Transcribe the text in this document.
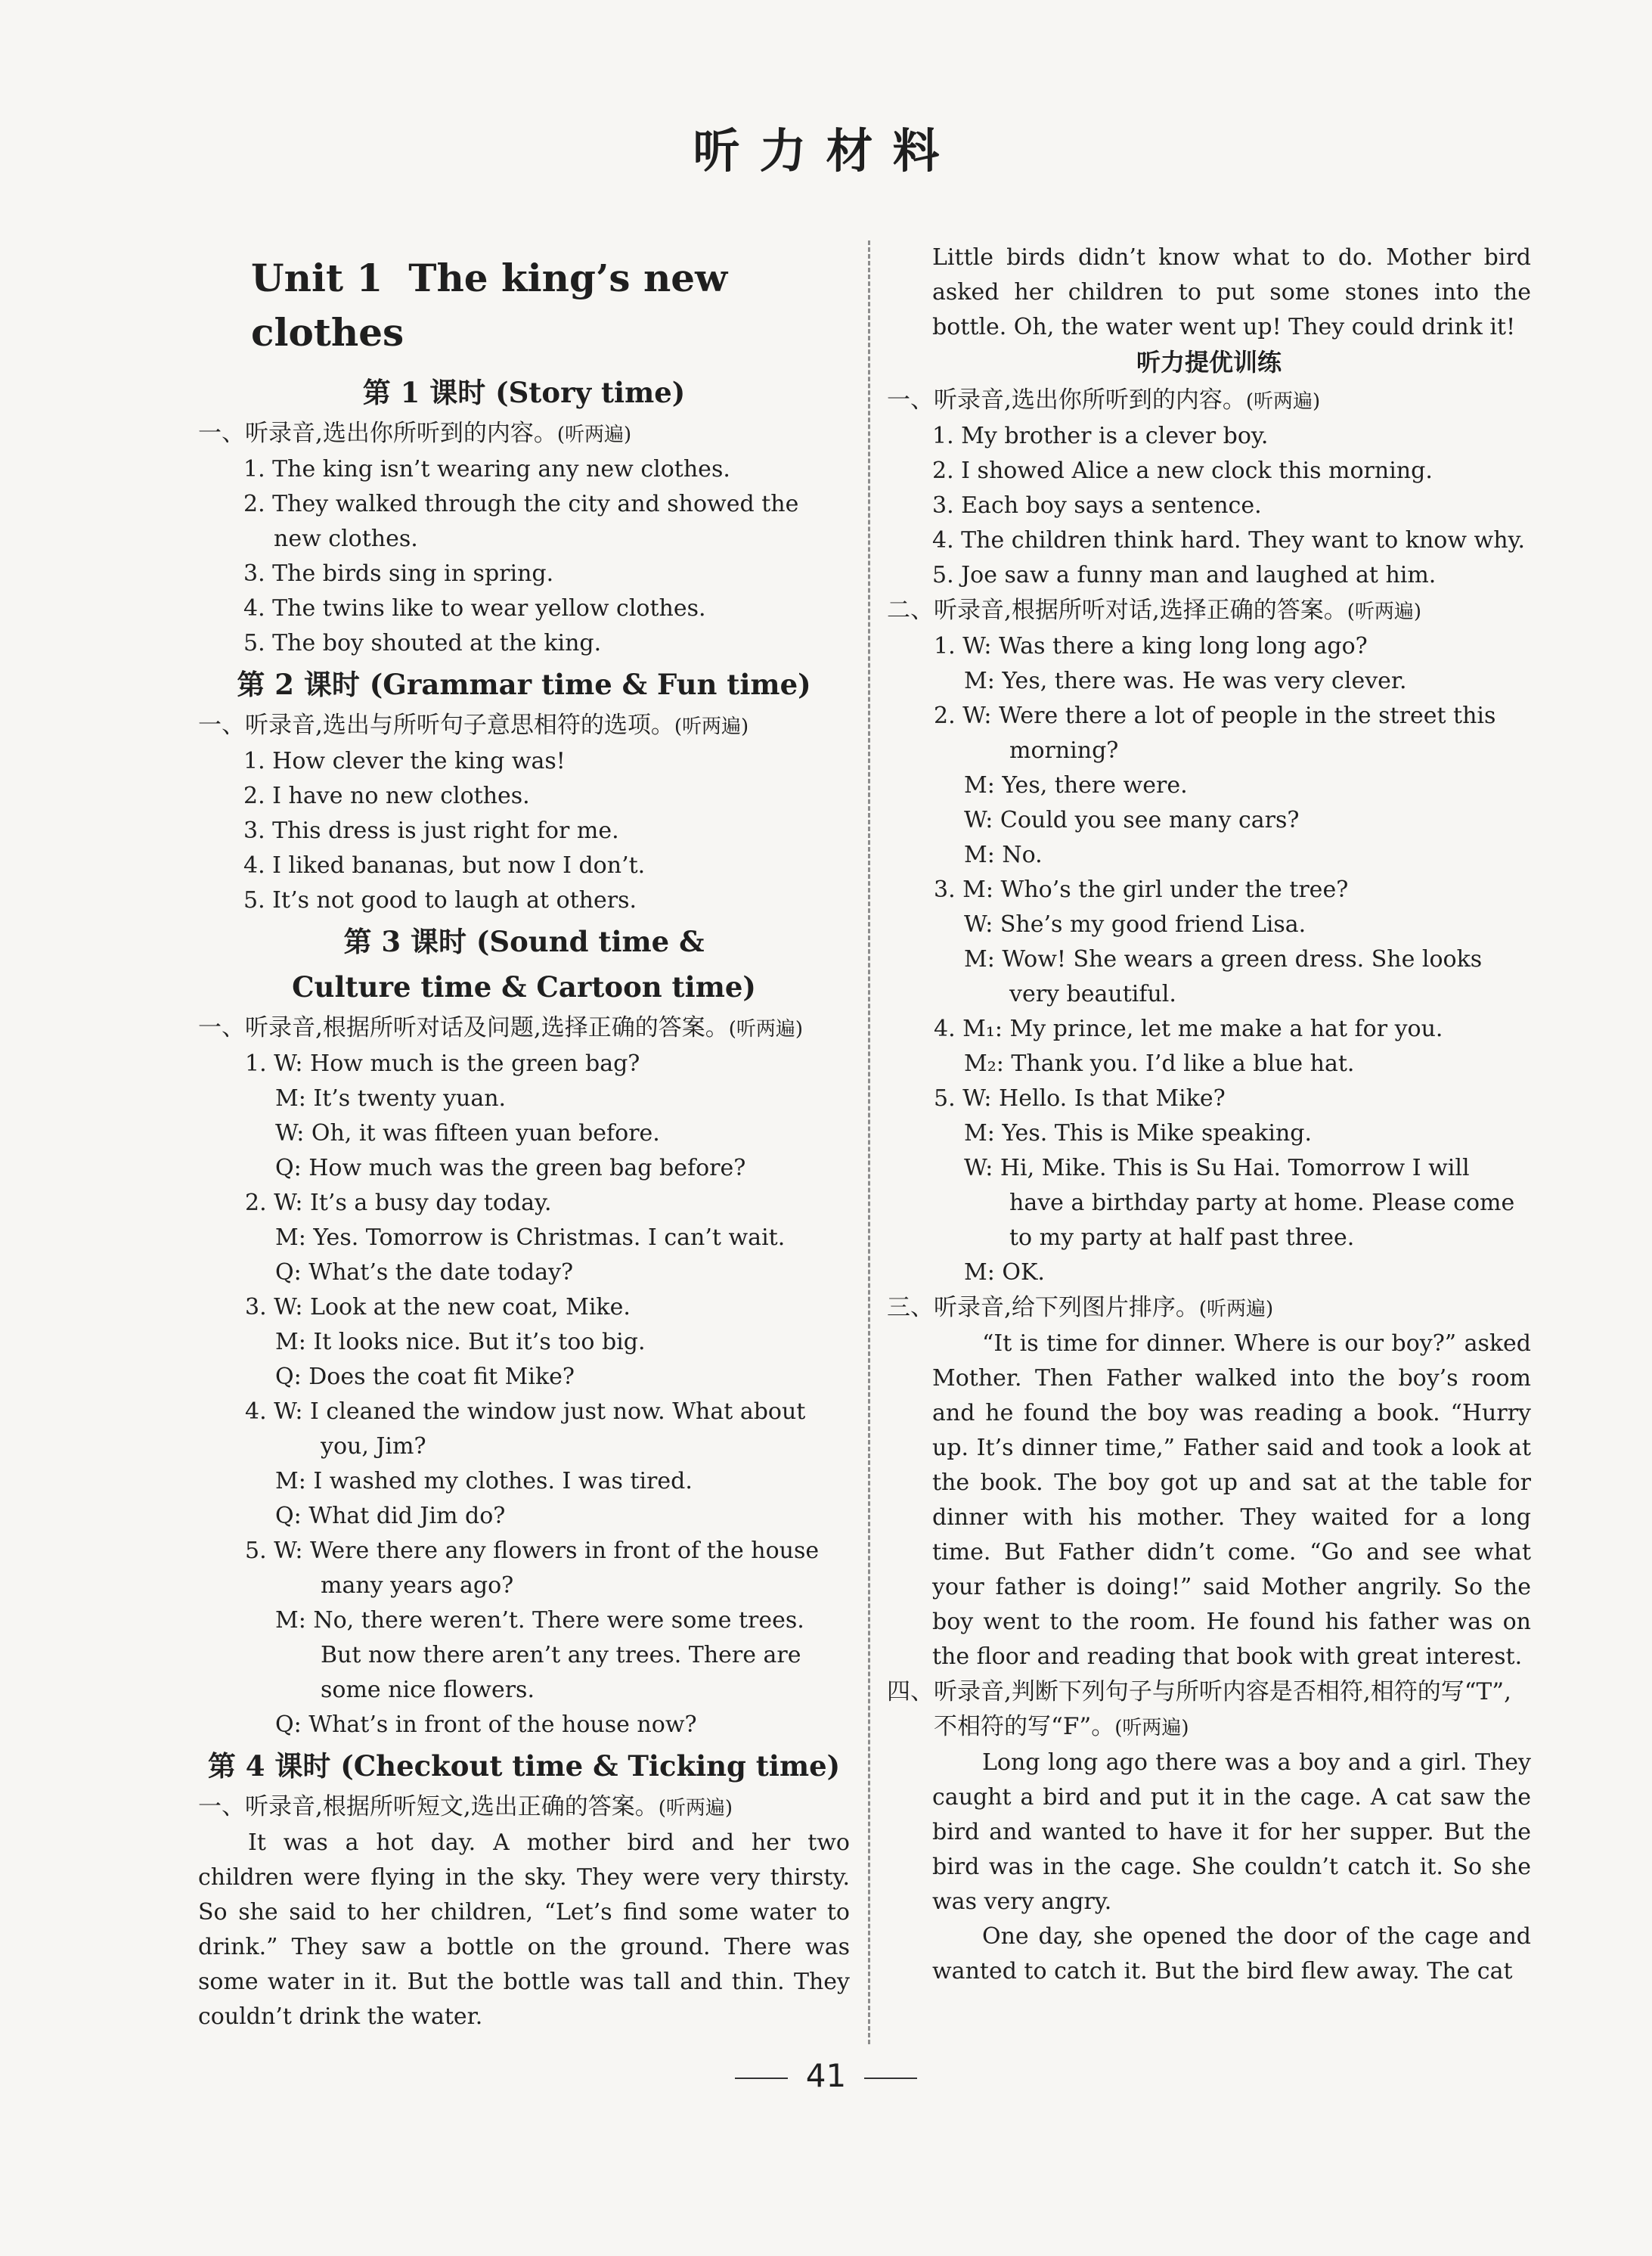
听力材料
Unit 1 The king’s new clothes
第 1 课时 (Story time)
一、听录音,选出你所听到的内容。(听两遍)
1. The king isn’t wearing any new clothes.
2. They walked through the city and showed the new clothes.
3. The birds sing in spring.
4. The twins like to wear yellow clothes.
5. The boy shouted at the king.
第 2 课时 (Grammar time & Fun time)
一、听录音,选出与所听句子意思相符的选项。(听两遍)
1. How clever the king was!
2. I have no new clothes.
3. This dress is just right for me.
4. I liked bananas, but now I don’t.
5. It’s not good to laugh at others.
第 3 课时 (Sound time &
Culture time & Cartoon time)
一、听录音,根据所听对话及问题,选择正确的答案。(听两遍)
1. W: How much is the green bag?
M: It’s twenty yuan.
W: Oh, it was fifteen yuan before.
Q: How much was the green bag before?
2. W: It’s a busy day today.
M: Yes. Tomorrow is Christmas. I can’t wait.
Q: What’s the date today?
3. W: Look at the new coat, Mike.
M: It looks nice. But it’s too big.
Q: Does the coat fit Mike?
4. W: I cleaned the window just now. What about you, Jim?
M: I washed my clothes. I was tired.
Q: What did Jim do?
5. W: Were there any flowers in front of the house many years ago?
M: No, there weren’t. There were some trees. But now there aren’t any trees. There are some nice flowers.
Q: What’s in front of the house now?
第 4 课时 (Checkout time & Ticking time)
一、听录音,根据所听短文,选出正确的答案。(听两遍)
It was a hot day. A mother bird and her two children were flying in the sky. They were very thirsty. So she said to her children, “Let’s find some water to drink.” They saw a bottle on the ground. There was some water in it. But the bottle was tall and thin. They couldn’t drink the water.
Little birds didn’t know what to do. Mother bird asked her children to put some stones into the bottle. Oh, the water went up! They could drink it!
听力提优训练
一、听录音,选出你所听到的内容。(听两遍)
1. My brother is a clever boy.
2. I showed Alice a new clock this morning.
3. Each boy says a sentence.
4. The children think hard. They want to know why.
5. Joe saw a funny man and laughed at him.
二、听录音,根据所听对话,选择正确的答案。(听两遍)
1. W: Was there a king long long ago?
M: Yes, there was. He was very clever.
2. W: Were there a lot of people in the street this morning?
M: Yes, there were.
W: Could you see many cars?
M: No.
3. M: Who’s the girl under the tree?
W: She’s my good friend Lisa.
M: Wow! She wears a green dress. She looks very beautiful.
4. M₁: My prince, let me make a hat for you.
M₂: Thank you. I’d like a blue hat.
5. W: Hello. Is that Mike?
M: Yes. This is Mike speaking.
W: Hi, Mike. This is Su Hai. Tomorrow I will have a birthday party at home. Please come to my party at half past three.
M: OK.
三、听录音,给下列图片排序。(听两遍)
“It is time for dinner. Where is our boy?” asked Mother. Then Father walked into the boy’s room and he found the boy was reading a book. “Hurry up. It’s dinner time,” Father said and took a look at the book. The boy got up and sat at the table for dinner with his mother. They waited for a long time. But Father didn’t come. “Go and see what your father is doing!” said Mother angrily. So the boy went to the room. He found his father was on the floor and reading that book with great interest.
四、听录音,判断下列句子与所听内容是否相符,相符的写“T”,不相符的写“F”。(听两遍)
Long long ago there was a boy and a girl. They caught a bird and put it in the cage. A cat saw the bird and wanted to have it for her supper. But the bird was in the cage. She couldn’t catch it. So she was very angry.
One day, she opened the door of the cage and wanted to catch it. But the bird flew away. The cat
41
